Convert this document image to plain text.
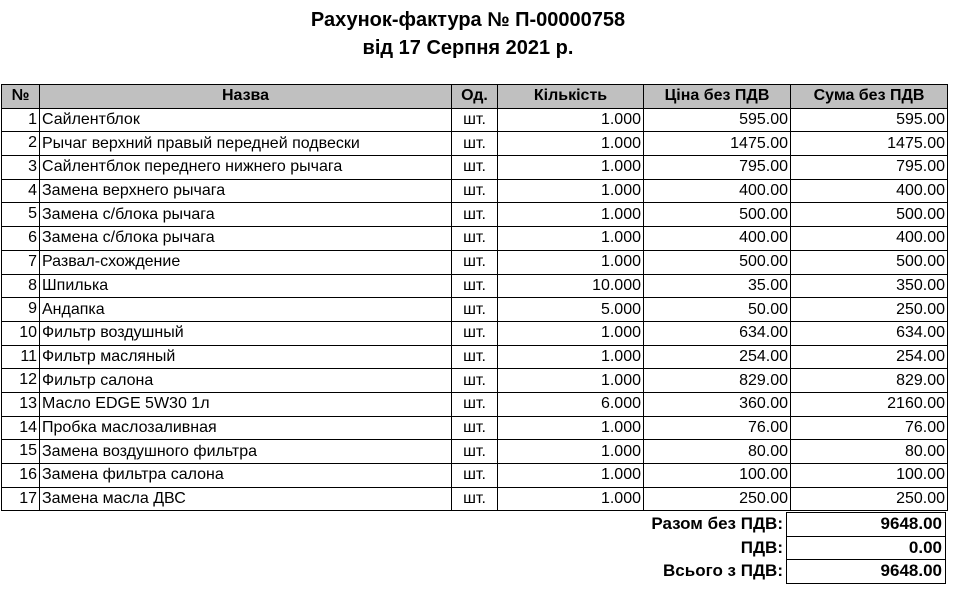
Рахунок-фактура № П-00000758
від 17 Серпня 2021 р.
№	Назва	Од.	Кількість	Ціна без ПДВ	Сума без ПДВ
1	Сайлентблок	шт.	1.000	595.00	595.00
2	Рычаг верхний правый передней подвески	шт.	1.000	1475.00	1475.00
3	Сайлентблок переднего нижнего рычага	шт.	1.000	795.00	795.00
4	Замена верхнего рычага	шт.	1.000	400.00	400.00
5	Замена с/блока рычага	шт.	1.000	500.00	500.00
6	Замена с/блока рычага	шт.	1.000	400.00	400.00
7	Развал-схождение	шт.	1.000	500.00	500.00
8	Шпилька	шт.	10.000	35.00	350.00
9	Андапка	шт.	5.000	50.00	250.00
10	Фильтр воздушный	шт.	1.000	634.00	634.00
11	Фильтр масляный	шт.	1.000	254.00	254.00
12	Фильтр салона	шт.	1.000	829.00	829.00
13	Масло EDGE 5W30 1л	шт.	6.000	360.00	2160.00
14	Пробка маслозаливная	шт.	1.000	76.00	76.00
15	Замена воздушного фильтра	шт.	1.000	80.00	80.00
16	Замена фильтра салона	шт.	1.000	100.00	100.00
17	Замена масла ДВС	шт.	1.000	250.00	250.00
Разом без ПДВ:	9648.00
ПДВ:	0.00
Всього з ПДВ:	9648.00
